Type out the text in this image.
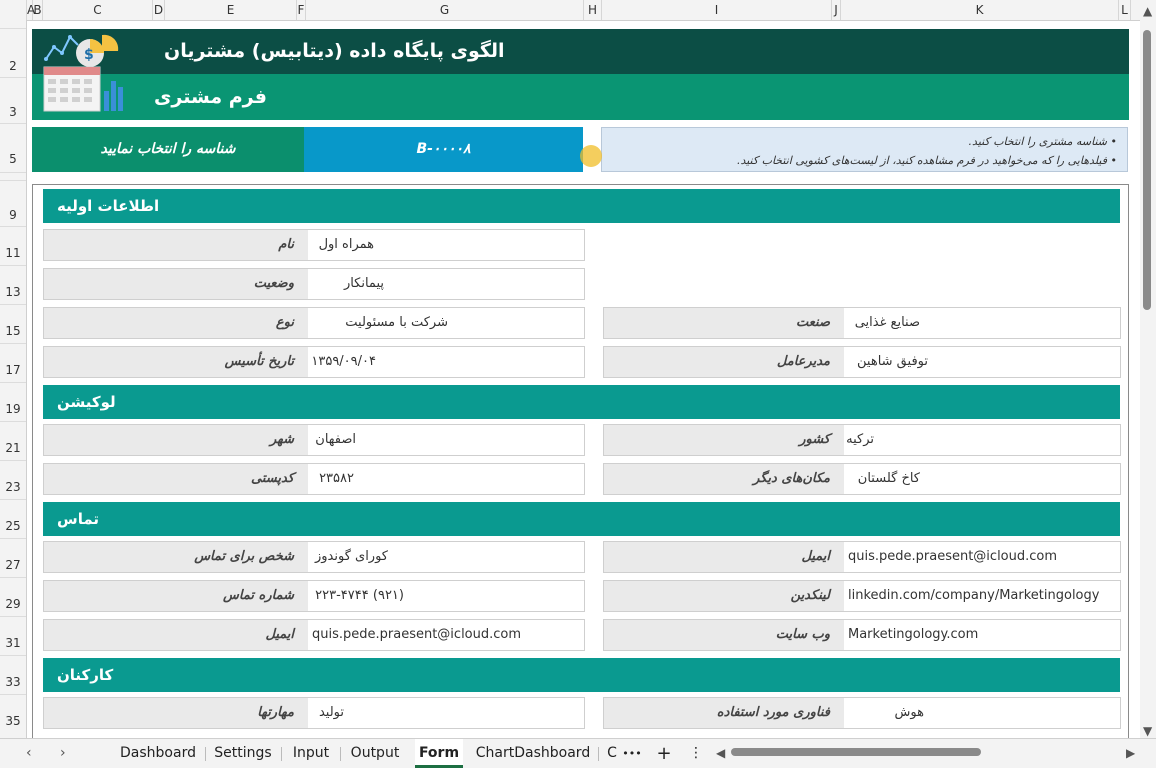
A
B	C	D	E	F	G	H	I	J	K	L
2
3
5
9
11
13
15
17
19
21
23
25
27
29
31
33
35
الگوی پایگاه داده (دیتابیس) مشتریان
فرم مشتری
$
شناسه را انتخاب نمایید	B-۰۰۰۰۸	• شناسه مشتری را انتخاب کنید.
• فیلدهایی را که می‌خواهید در فرم مشاهده کنید، از لیست‌های کشویی انتخاب کنید.
اطلاعات اولیه
نام	همراه اول
وضعیت	پیمانکار
نوع	شرکت با مسئولیت	صنعت	صنایع غذایی
تاریخ تأسیس	۱۳۵۹/۰۹/۰۴	مدیرعامل	توفیق شاهین
لوکیشن
شهر	اصفهان	کشور	ترکیه
کدپستی	۲۳۵۸۲	مکان‌های دیگر	کاخ گلستان
تماس
شخص برای تماس	کورای گوندوز	ایمیل	quis.pede.praesent@icloud.com
شماره تماس	(۹۲۱) ۲۲۳-۴۷۴۴	لینکدین	linkedin.com/company/Marketingology
ایمیل	quis.pede.praesent@icloud.com	وب سایت	Marketingology.com
کارکنان
مهارتها	تولید	فناوری مورد استفاده	هوش
▲
▼
‹ ›	Dashboard	Settings	Input	Output	Form ChartDashboard C ••• + ⋮ ◀	▶
